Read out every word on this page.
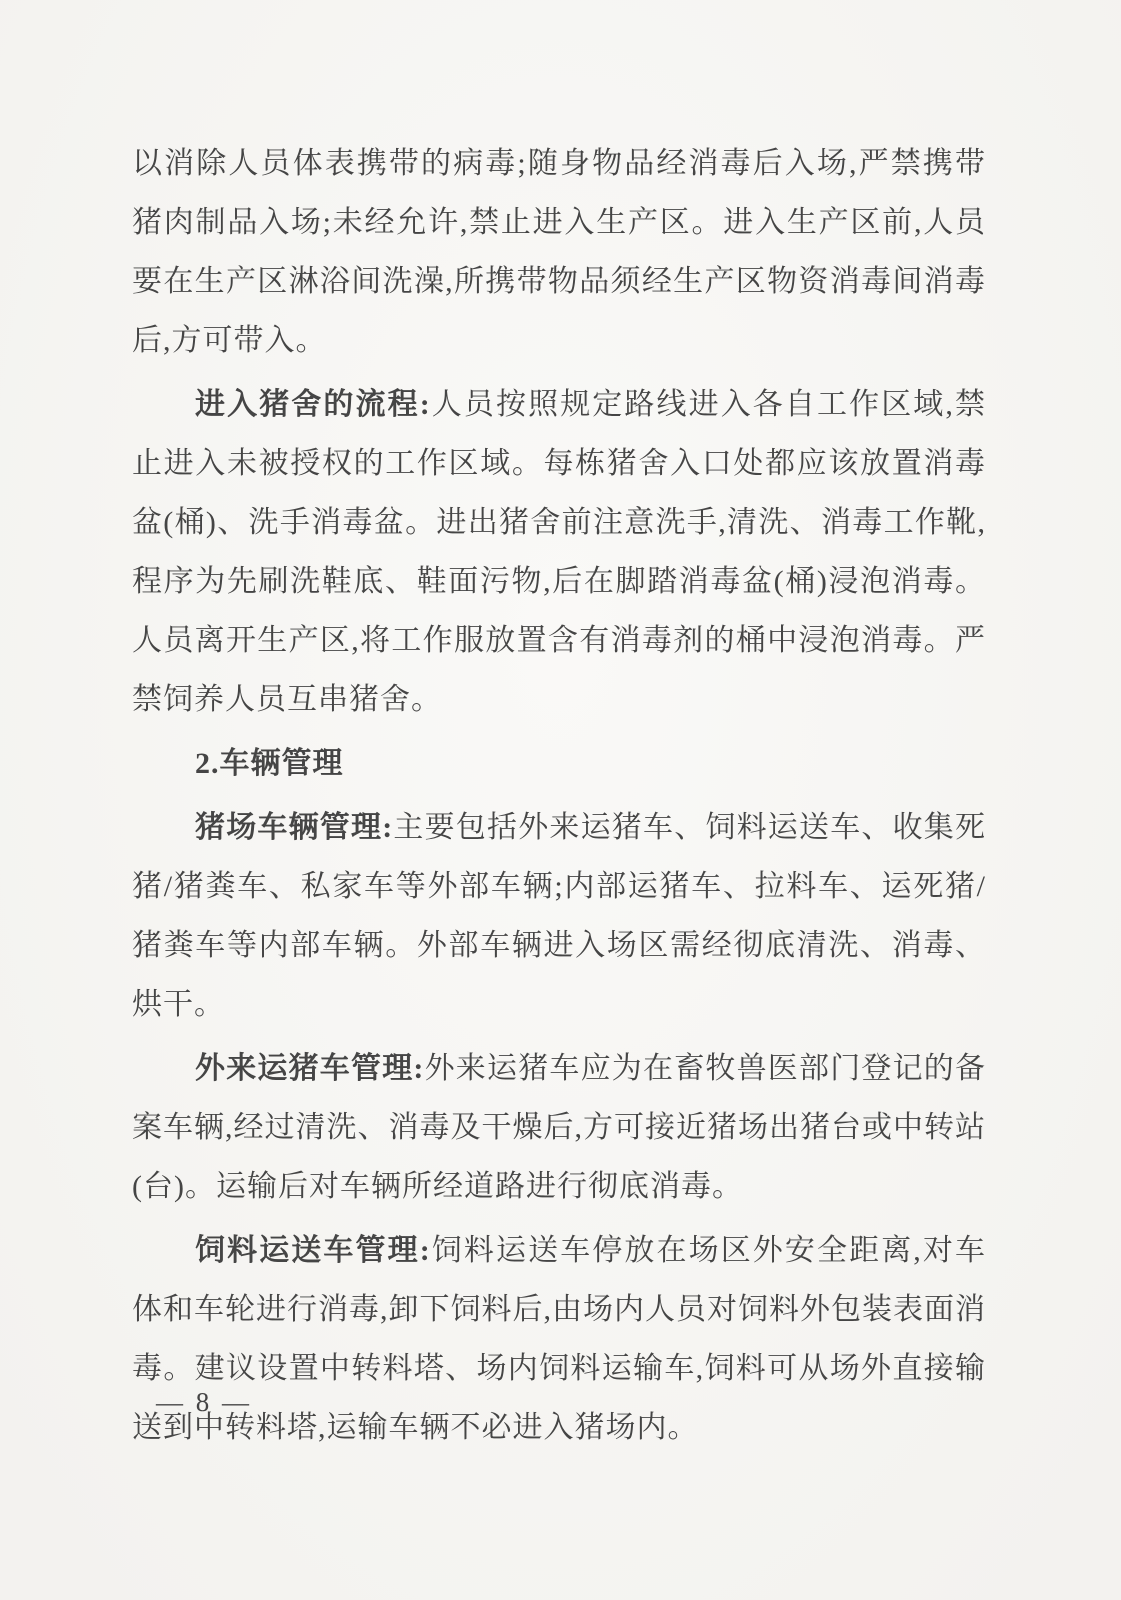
以消除人员体表携带的病毒;随身物品经消毒后入场,严禁携带猪肉制品入场;未经允许,禁止进入生产区。进入生产区前,人员要在生产区淋浴间洗澡,所携带物品须经生产区物资消毒间消毒后,方可带入。

进入猪舍的流程:人员按照规定路线进入各自工作区域,禁止进入未被授权的工作区域。每栋猪舍入口处都应该放置消毒盆(桶)、洗手消毒盆。进出猪舍前注意洗手,清洗、消毒工作靴,程序为先刷洗鞋底、鞋面污物,后在脚踏消毒盆(桶)浸泡消毒。人员离开生产区,将工作服放置含有消毒剂的桶中浸泡消毒。严禁饲养人员互串猪舍。

2.车辆管理

猪场车辆管理:主要包括外来运猪车、饲料运送车、收集死猪/猪粪车、私家车等外部车辆;内部运猪车、拉料车、运死猪/猪粪车等内部车辆。外部车辆进入场区需经彻底清洗、消毒、烘干。

外来运猪车管理:外来运猪车应为在畜牧兽医部门登记的备案车辆,经过清洗、消毒及干燥后,方可接近猪场出猪台或中转站(台)。运输后对车辆所经道路进行彻底消毒。

饲料运送车管理:饲料运送车停放在场区外安全距离,对车体和车轮进行消毒,卸下饲料后,由场内人员对饲料外包装表面消毒。建议设置中转料塔、场内饲料运输车,饲料可从场外直接输送到中转料塔,运输车辆不必进入猪场内。

— 8 —
